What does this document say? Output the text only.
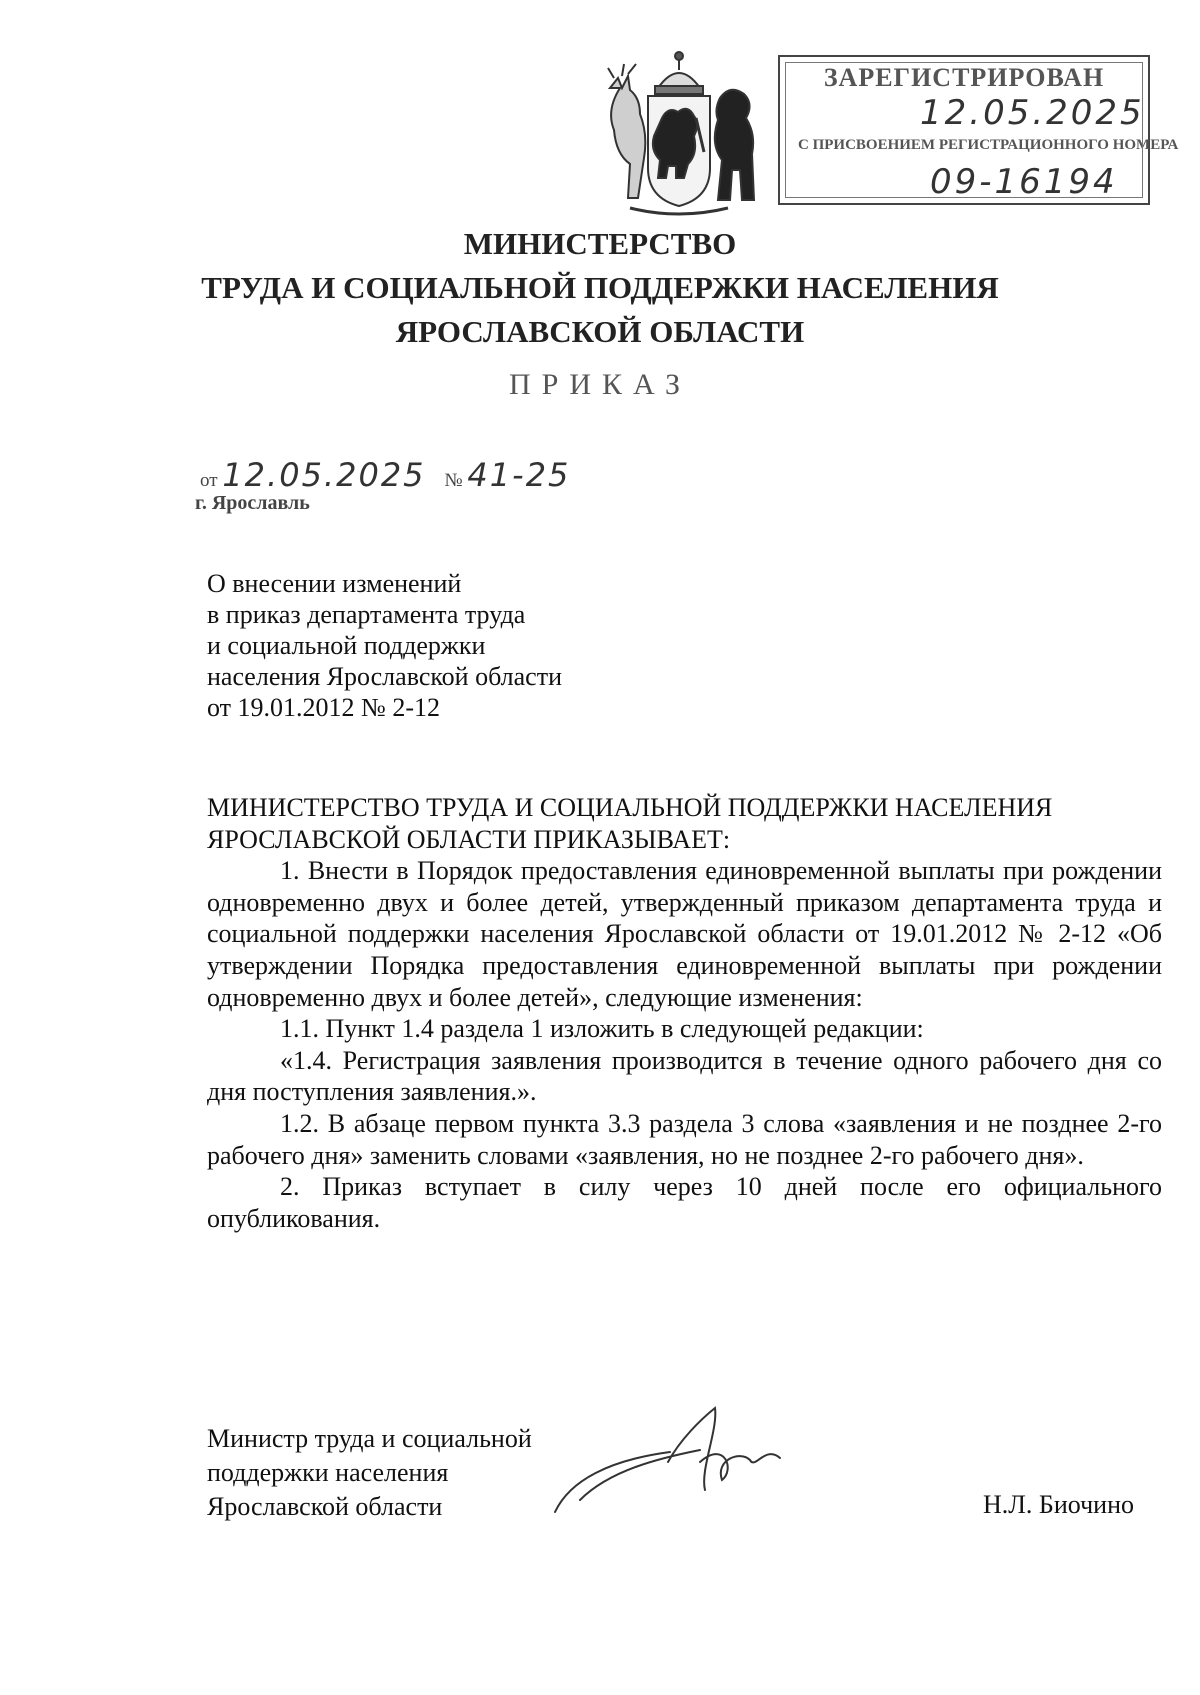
ЗАРЕГИСТРИРОВАН
12.05.2025
С ПРИСВОЕНИЕМ РЕГИСТРАЦИОННОГО НОМЕРА
09-16194
МИНИСТЕРСТВО
ТРУДА И СОЦИАЛЬНОЙ ПОДДЕРЖКИ НАСЕЛЕНИЯ
ЯРОСЛАВСКОЙ ОБЛАСТИ
ПРИКАЗ
от 12.05.2025 № 41-25
г. Ярославль
О внесении изменений
в приказ департамента труда
и социальной поддержки
населения Ярославской области
от 19.01.2012 № 2-12

МИНИСТЕРСТВО ТРУДА И СОЦИАЛЬНОЙ ПОДДЕРЖКИ НАСЕЛЕНИЯ ЯРОСЛАВСКОЙ ОБЛАСТИ ПРИКАЗЫВАЕТ:

1. Внести в Порядок предоставления единовременной выплаты при рождении одновременно двух и более детей, утвержденный приказом департамента труда и социальной поддержки населения Ярославской области от 19.01.2012 № 2-12 «Об утверждении Порядка предоставления единовременной выплаты при рождении одновременно двух и более детей», следующие изменения:

1.1. Пункт 1.4 раздела 1 изложить в следующей редакции:

«1.4. Регистрация заявления производится в течение одного рабочего дня со дня поступления заявления.».

1.2. В абзаце первом пункта 3.3 раздела 3 слова «заявления и не позднее 2-го рабочего дня» заменить словами «заявления, но не позднее 2-го рабочего дня».

2. Приказ вступает в силу через 10 дней после его официального опубликования.

Министр труда и социальной
поддержки населения
Ярославской области	Н.Л. Биочино
